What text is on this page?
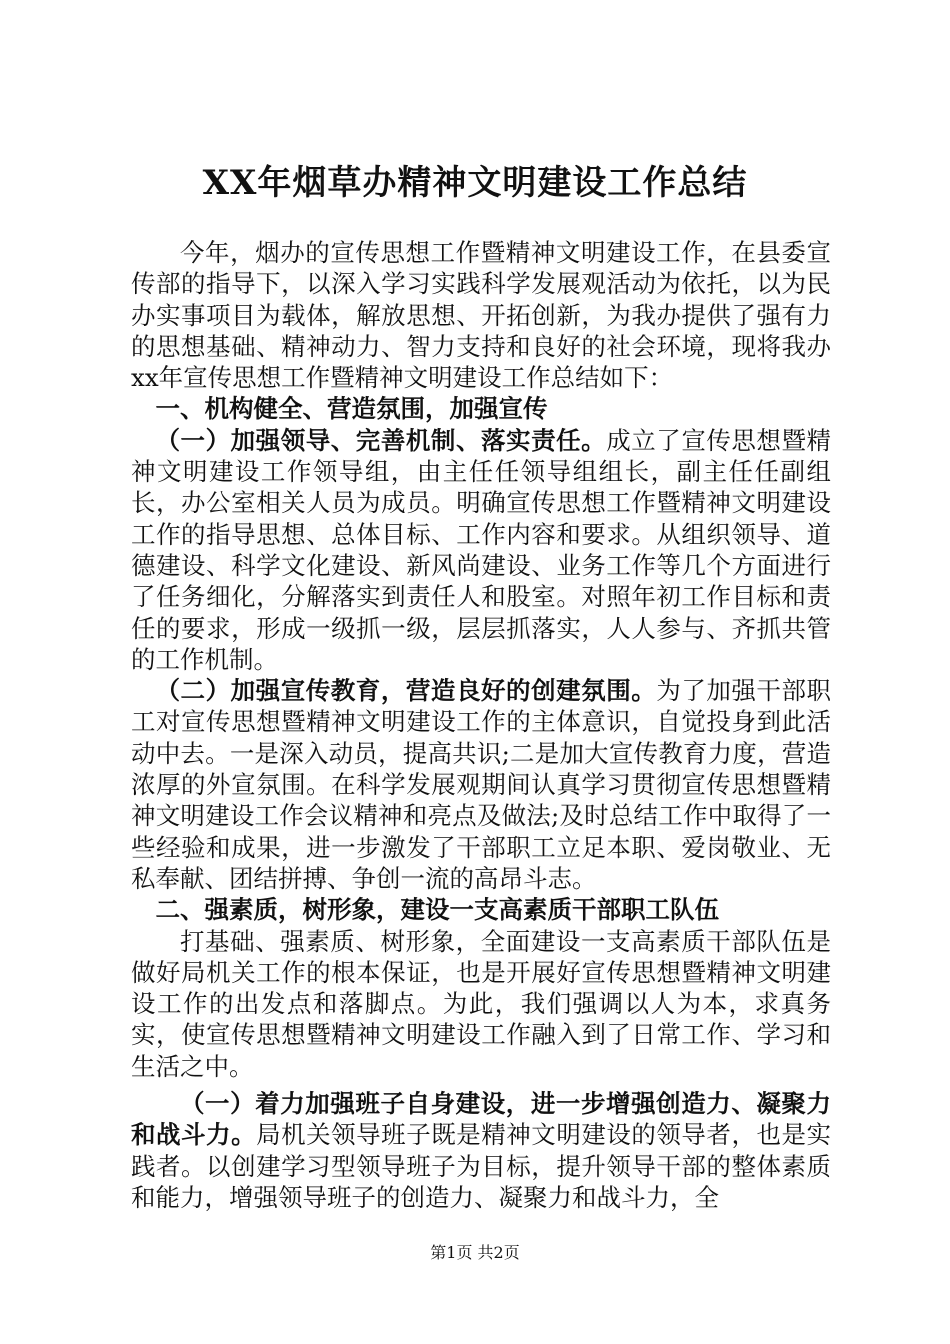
XX年烟草办精神文明建设工作总结

今年，烟办的宣传思想工作暨精神文明建设工作，在县委宣传部的指导下，以深入学习实践科学发展观活动为依托，以为民办实事项目为载体，解放思想、开拓创新，为我办提供了强有力的思想基础、精神动力、智力支持和良好的社会环境，现将我办xx年宣传思想工作暨精神文明建设工作总结如下：

一、机构健全、营造氛围，加强宣传

（一）加强领导、完善机制、落实责任。成立了宣传思想暨精神文明建设工作领导组，由主任任领导组组长，副主任任副组长，办公室相关人员为成员。明确宣传思想工作暨精神文明建设工作的指导思想、总体目标、工作内容和要求。从组织领导、道德建设、科学文化建设、新风尚建设、业务工作等几个方面进行了任务细化，分解落实到责任人和股室。对照年初工作目标和责任的要求，形成一级抓一级，层层抓落实，人人参与、齐抓共管的工作机制。

（二）加强宣传教育，营造良好的创建氛围。为了加强干部职工对宣传思想暨精神文明建设工作的主体意识，自觉投身到此活动中去。一是深入动员，提高共识;二是加大宣传教育力度，营造浓厚的外宣氛围。在科学发展观期间认真学习贯彻宣传思想暨精神文明建设工作会议精神和亮点及做法;及时总结工作中取得了一些经验和成果，进一步激发了干部职工立足本职、爱岗敬业、无私奉献、团结拼搏、争创一流的高昂斗志。

二、强素质，树形象，建设一支高素质干部职工队伍

打基础、强素质、树形象，全面建设一支高素质干部队伍是做好局机关工作的根本保证，也是开展好宣传思想暨精神文明建设工作的出发点和落脚点。为此，我们强调以人为本，求真务实，使宣传思想暨精神文明建设工作融入到了日常工作、学习和生活之中。

（一）着力加强班子自身建设，进一步增强创造力、凝聚力和战斗力。局机关领导班子既是精神文明建设的领导者，也是实践者。以创建学习型领导班子为目标，提升领导干部的整体素质和能力，增强领导班子的创造力、凝聚力和战斗力，全

第1页 共2页
